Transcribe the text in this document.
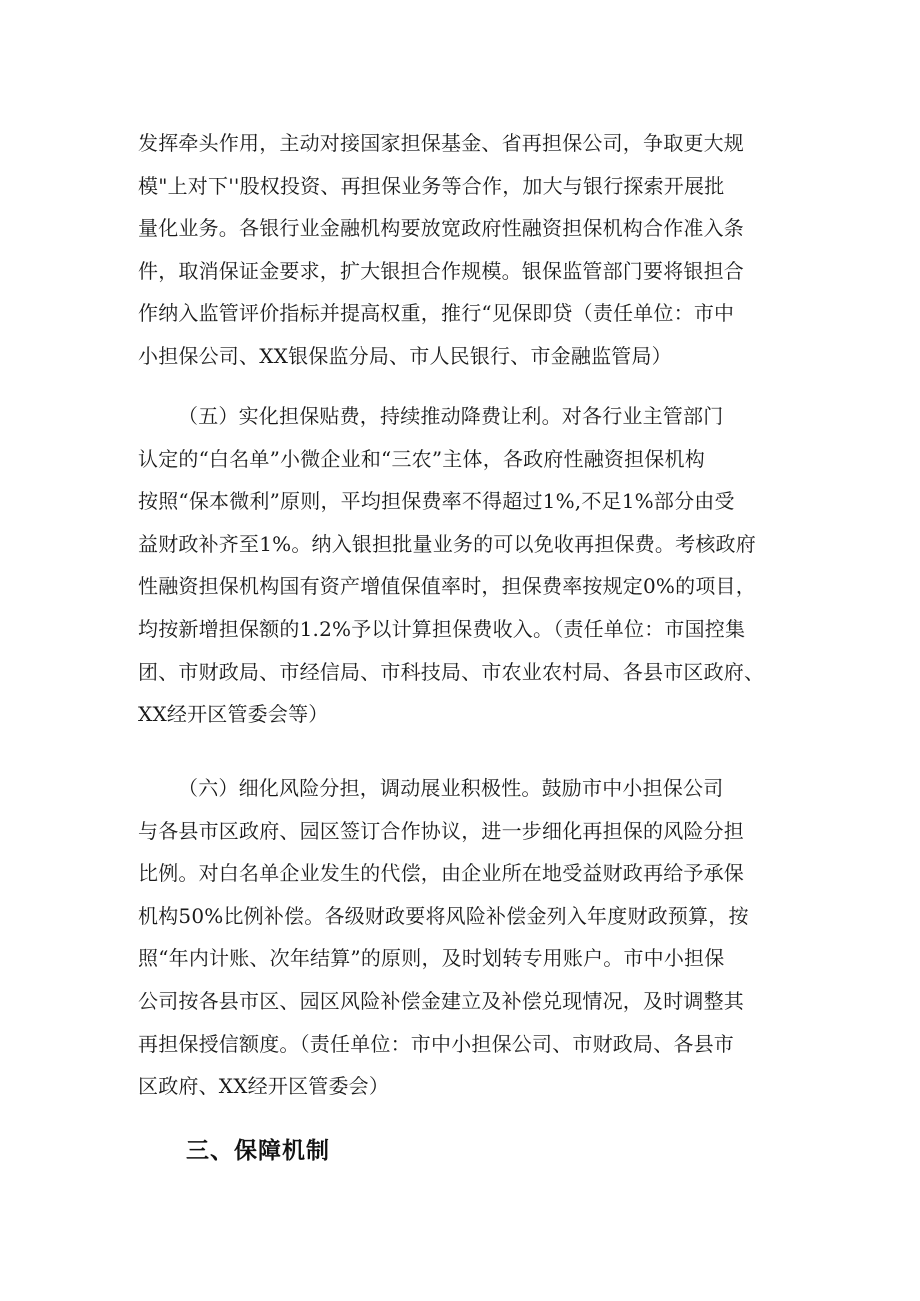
发挥牵头作用，主动对接国家担保基金、省再担保公司，争取更大规
模"上对下''股权投资、再担保业务等合作，加大与银行探索开展批
量化业务。各银行业金融机构要放宽政府性融资担保机构合作准入条
件，取消保证金要求，扩大银担合作规模。银保监管部门要将银担合
作纳入监管评价指标并提高权重，推行“见保即贷（责任单位：市中
小担保公司、XX银保监分局、市人民银行、市金融监管局）
（五）实化担保贴费，持续推动降费让利。对各行业主管部门
认定的“白名单”小微企业和“三农”主体，各政府性融资担保机构
按照“保本微利”原则，平均担保费率不得超过1%,不足1%部分由受
益财政补齐至1%。纳入银担批量业务的可以免收再担保费。考核政府
性融资担保机构国有资产增值保值率时，担保费率按规定0%的项目，
均按新增担保额的1.2%予以计算担保费收入。（责任单位：市国控集
团、市财政局、市经信局、市科技局、市农业农村局、各县市区政府、
XX经开区管委会等）
（六）细化风险分担，调动展业积极性。鼓励市中小担保公司
与各县市区政府、园区签订合作协议，进一步细化再担保的风险分担
比例。对白名单企业发生的代偿，由企业所在地受益财政再给予承保
机构50%比例补偿。各级财政要将风险补偿金列入年度财政预算，按
照“年内计账、次年结算”的原则，及时划转专用账户。市中小担保
公司按各县市区、园区风险补偿金建立及补偿兑现情况，及时调整其
再担保授信额度。（责任单位：市中小担保公司、市财政局、各县市
区政府、XX经开区管委会）
三、保障机制
